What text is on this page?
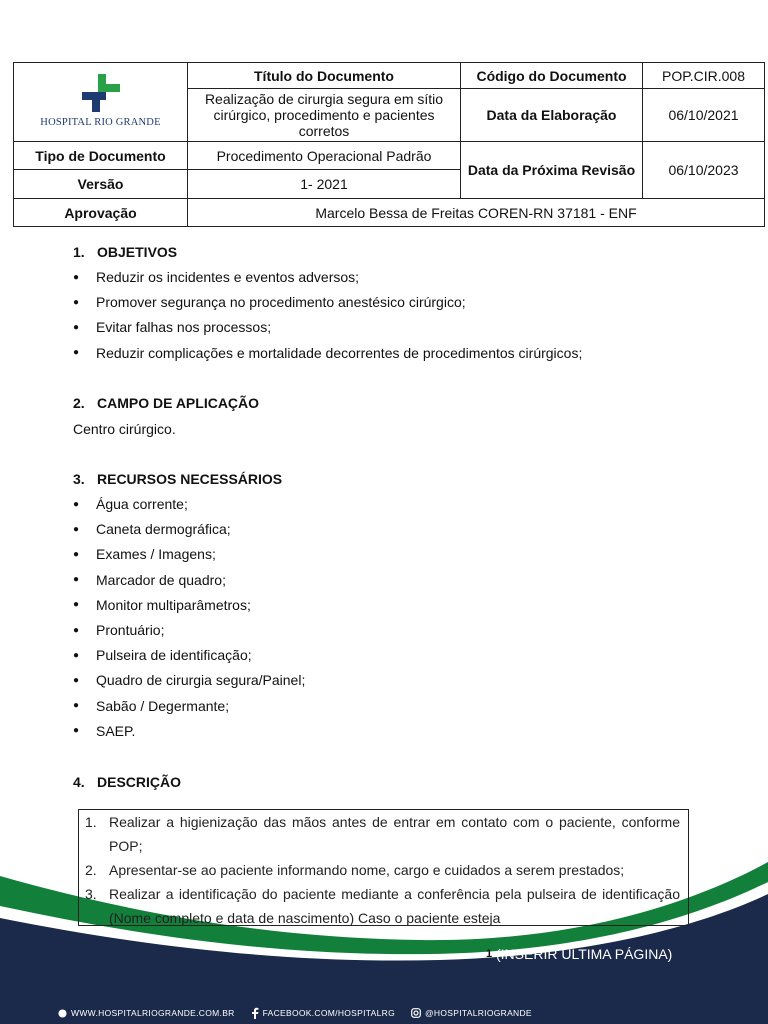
HOSPITAL RIO GRANDE	Título do Documento	Código do Documento	POP.CIR.008
	Realização de cirurgia segura em sítio cirúrgico, procedimento e pacientes corretos	Data da Elaboração	06/10/2021
Tipo de Documento	Procedimento Operacional Padrão	Data da Próxima Revisão	06/10/2023
Versão	1- 2021		
Aprovação	Marcelo Bessa de Freitas COREN-RN 37181 - ENF		
1. OBJETIVOS
● Reduzir os incidentes e eventos adversos;
● Promover segurança no procedimento anestésico cirúrgico;
● Evitar falhas nos processos;
● Reduzir complicações e mortalidade decorrentes de procedimentos cirúrgicos;
2. CAMPO DE APLICAÇÃO
Centro cirúrgico.
3. RECURSOS NECESSÁRIOS
● Água corrente;
● Caneta dermográfica;
● Exames / Imagens;
● Marcador de quadro;
● Monitor multiparâmetros;
● Prontuário;
● Pulseira de identificação;
● Quadro de cirurgia segura/Painel;
● Sabão / Degermante;
● SAEP.
4. DESCRIÇÃO
1. Realizar a higienização das mãos antes de entrar em contato com o paciente, conforme POP;
2. Apresentar-se ao paciente informando nome, cargo e cuidados a serem prestados;
3. Realizar a identificação do paciente mediante a conferência pela pulseira de identificação (Nome completo e data de nascimento) Caso o paciente esteja
1 (INSERIR ÚLTIMA PÁGINA)
WWW.HOSPITALRIOGRANDE.COM.BR	FACEBOOK.COM/HOSPITALRG	@HOSPITALRIOGRANDE
